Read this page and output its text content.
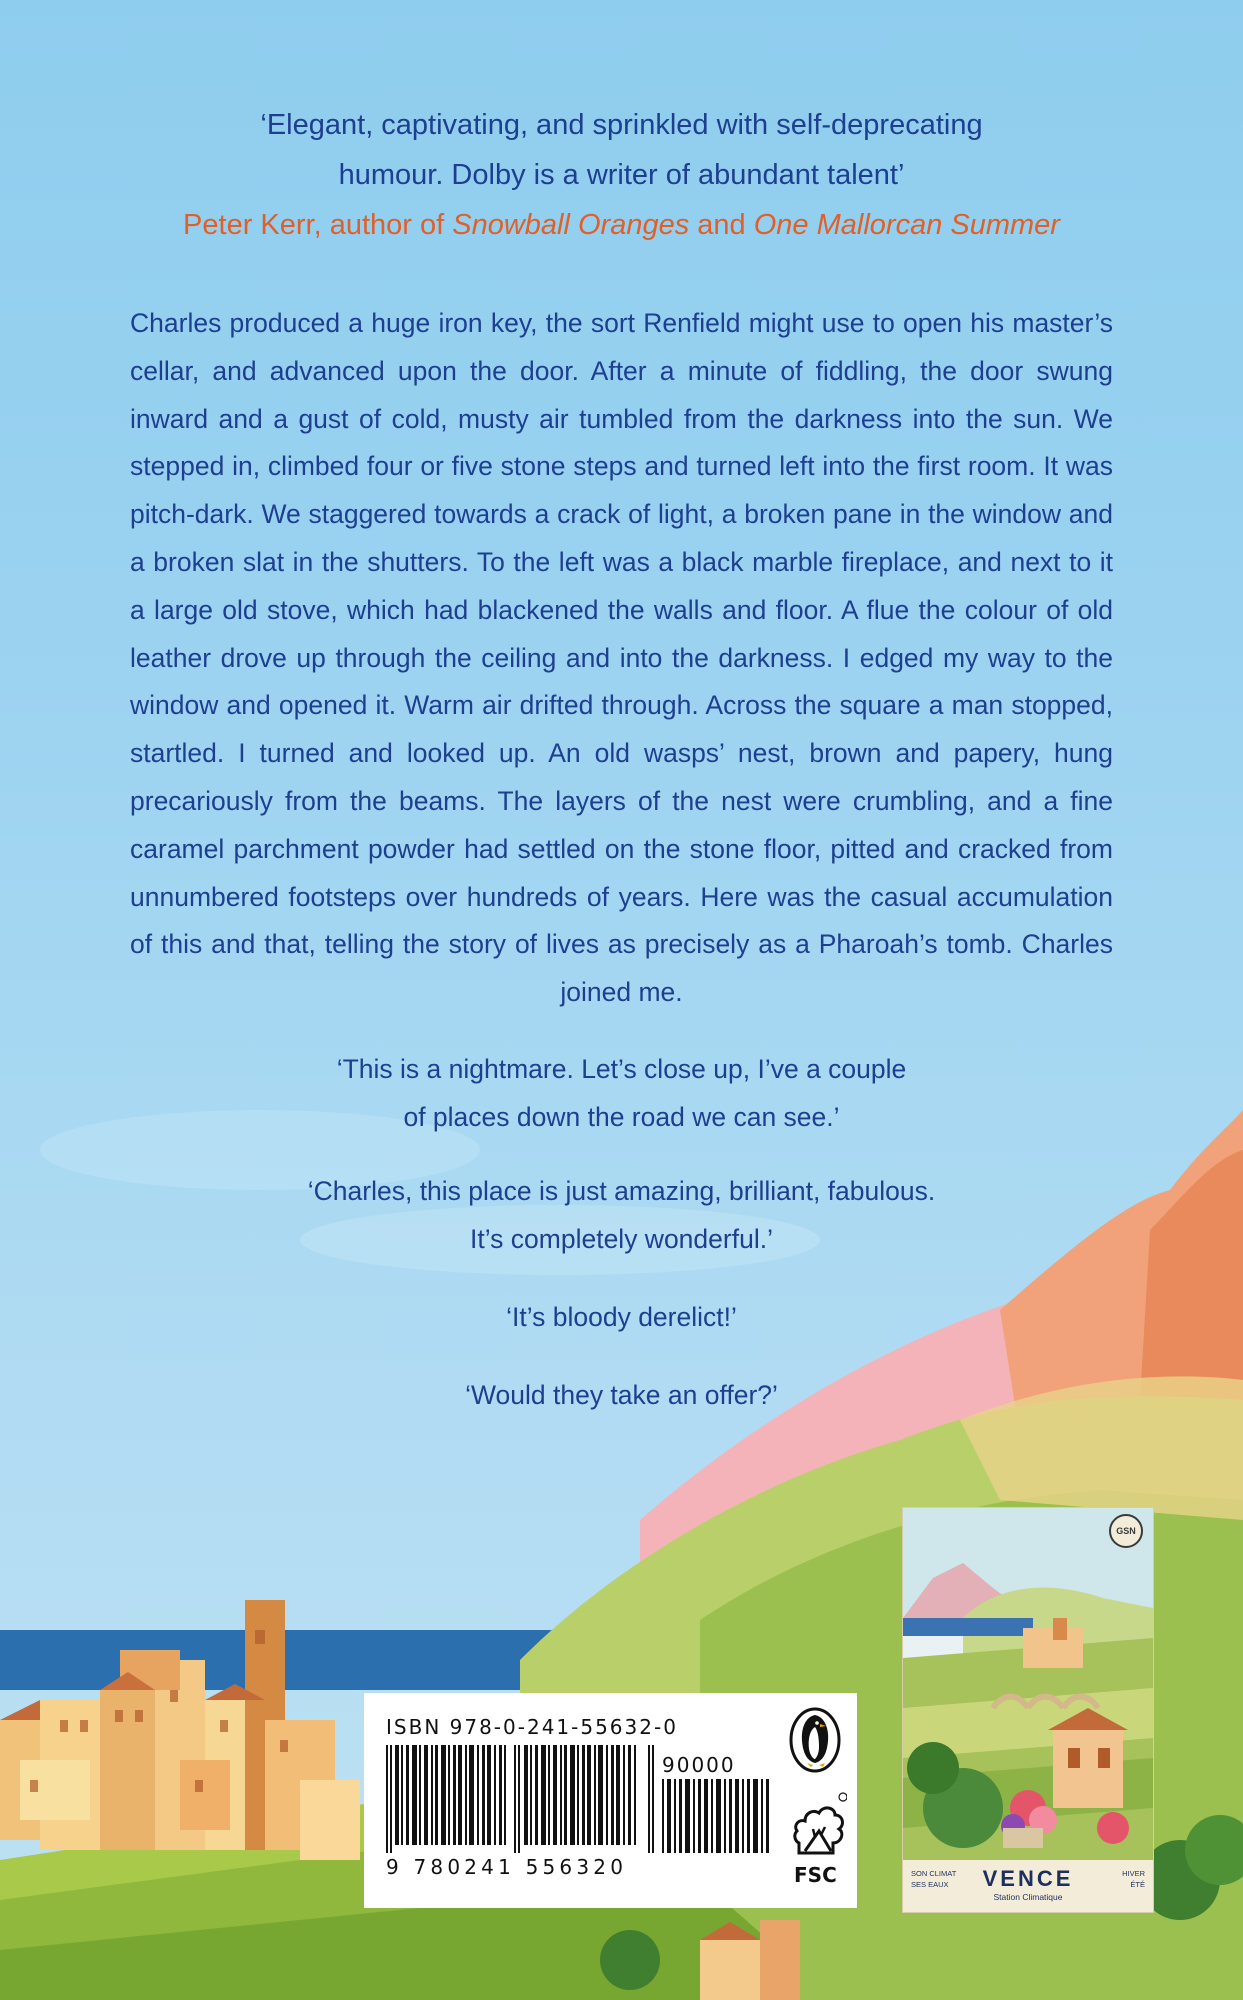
‘Elegant, captivating, and sprinkled with self-deprecating
humour. Dolby is a writer of abundant talent’
Peter Kerr, author of Snowball Oranges and One Mallorcan Summer
Charles produced a huge iron key, the sort Renfield might use to open his master’s cellar, and advanced upon the door. After a minute of fiddling, the door swung inward and a gust of cold, musty air tumbled from the darkness into the sun. We stepped in, climbed four or five stone steps and turned left into the first room. It was pitch-dark. We staggered towards a crack of light, a broken pane in the window and a broken slat in the shutters. To the left was a black marble fireplace, and next to it a large old stove, which had blackened the walls and floor. A flue the colour of old leather drove up through the ceiling and into the darkness. I edged my way to the window and opened it. Warm air drifted through. Across the square a man stopped, startled. I turned and looked up. An old wasps’ nest, brown and papery, hung precariously from the beams. The layers of the nest were crumbling, and a fine caramel parchment powder had settled on the stone floor, pitted and cracked from unnumbered footsteps over hundreds of years. Here was the casual accumulation of this and that, telling the story of lives as precisely as a Pharoah’s tomb. Charles joined me.
‘This is a nightmare. Let’s close up, I’ve a couple
of places down the road we can see.’
‘Charles, this place is just amazing, brilliant, fabulous.
It’s completely wonderful.’
‘It’s bloody derelict!’
‘Would they take an offer?’
ISBN 978-0-241-55632-0
90000
9 780241 556320	FSC
GSN
SON CLIMAT
SES EAUX	VENCE
Station Climatique
HIVER
ÉTÉ
